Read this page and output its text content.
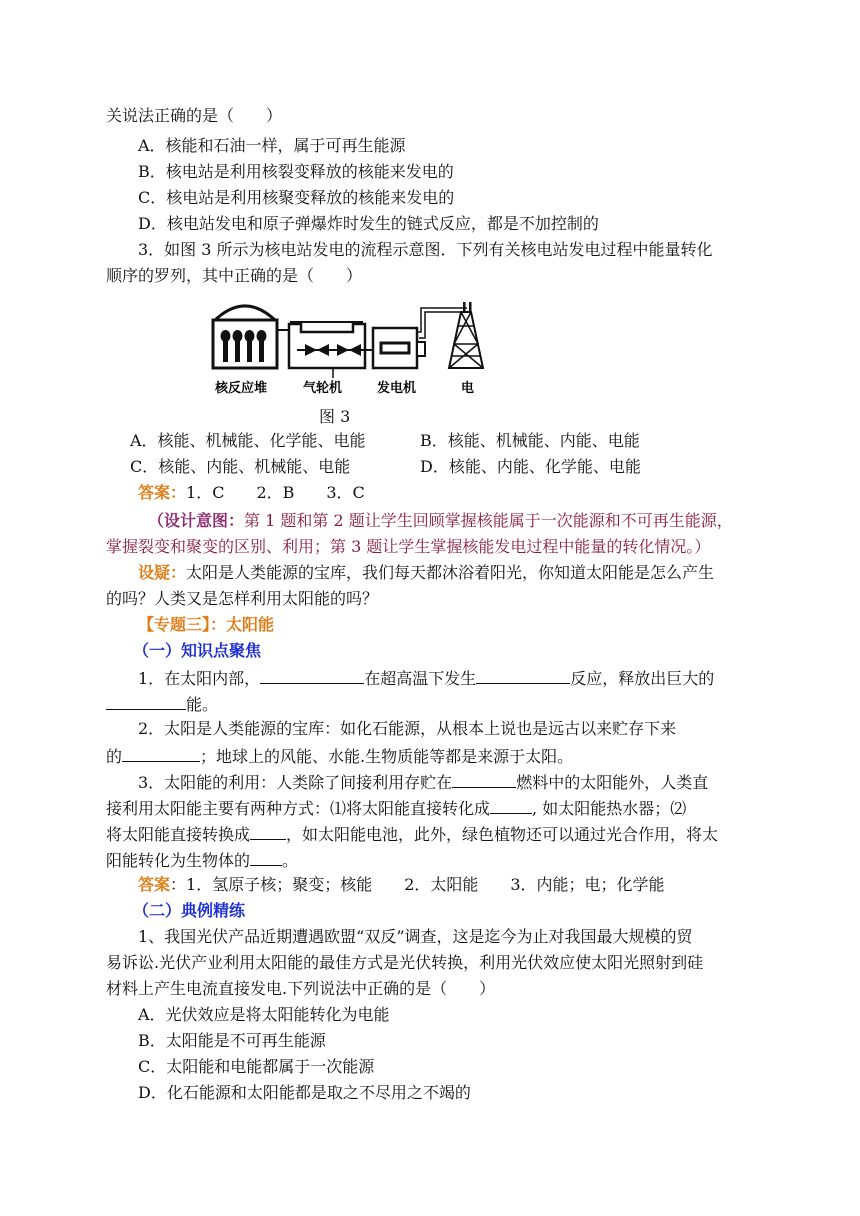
关说法正确的是（　　）
A．核能和石油一样，属于可再生能源
B．核电站是利用核裂变释放的核能来发电的
C．核电站是利用核聚变释放的核能来发电的
D．核电站发电和原子弹爆炸时发生的链式反应，都是不加控制的
3．如图 3 所示为核电站发电的流程示意图．下列有关核电站发电过程中能量转化
顺序的罗列，其中正确的是（　　）
核反应堆	气轮机	发电机	电
图 3
A．核能、机械能、化学能、电能	B．核能、机械能、内能、电能
C．核能、内能、机械能、电能	D．核能、内能、化学能、电能
答案：1．C　　2．B　　3．C
（设计意图：第 1 题和第 2 题让学生回顾掌握核能属于一次能源和不可再生能源，
掌握裂变和聚变的区别、利用；第 3 题让学生掌握核能发电过程中能量的转化情况。）
设疑：太阳是人类能源的宝库，我们每天都沐浴着阳光，你知道太阳能是怎么产生
的吗？人类又是怎样利用太阳能的吗？
【专题三】：太阳能
（一）知识点聚焦
1．在太阳内部，	在超高温下发生	反应，释放出巨大的
能。
2．太阳是人类能源的宝库：如化石能源，从根本上说也是远古以来贮存下来
的	；地球上的风能、水能.生物质能等都是来源于太阳。
3．太阳能的利用：人类除了间接利用存贮在	燃料中的太阳能外，人类直
接利用太阳能主要有两种方式：⑴将太阳能直接转化成	, 如太阳能热水器；⑵
将太阳能直接转换成 ，如太阳能电池，此外，绿色植物还可以通过光合作用，将太
阳能转化为生物体的 。
答案：1．氢原子核；聚变；核能　　2．太阳能　　3．内能；电；化学能
（二）典例精练
1、我国光伏产品近期遭遇欧盟“双反”调查，这是迄今为止对我国最大规模的贸
易诉讼.光伏产业利用太阳能的最佳方式是光伏转换，利用光伏效应使太阳光照射到硅
材料上产生电流直接发电.下列说法中正确的是（　　）
A．光伏效应是将太阳能转化为电能
B．太阳能是不可再生能源
C．太阳能和电能都属于一次能源
D．化石能源和太阳能都是取之不尽用之不竭的
